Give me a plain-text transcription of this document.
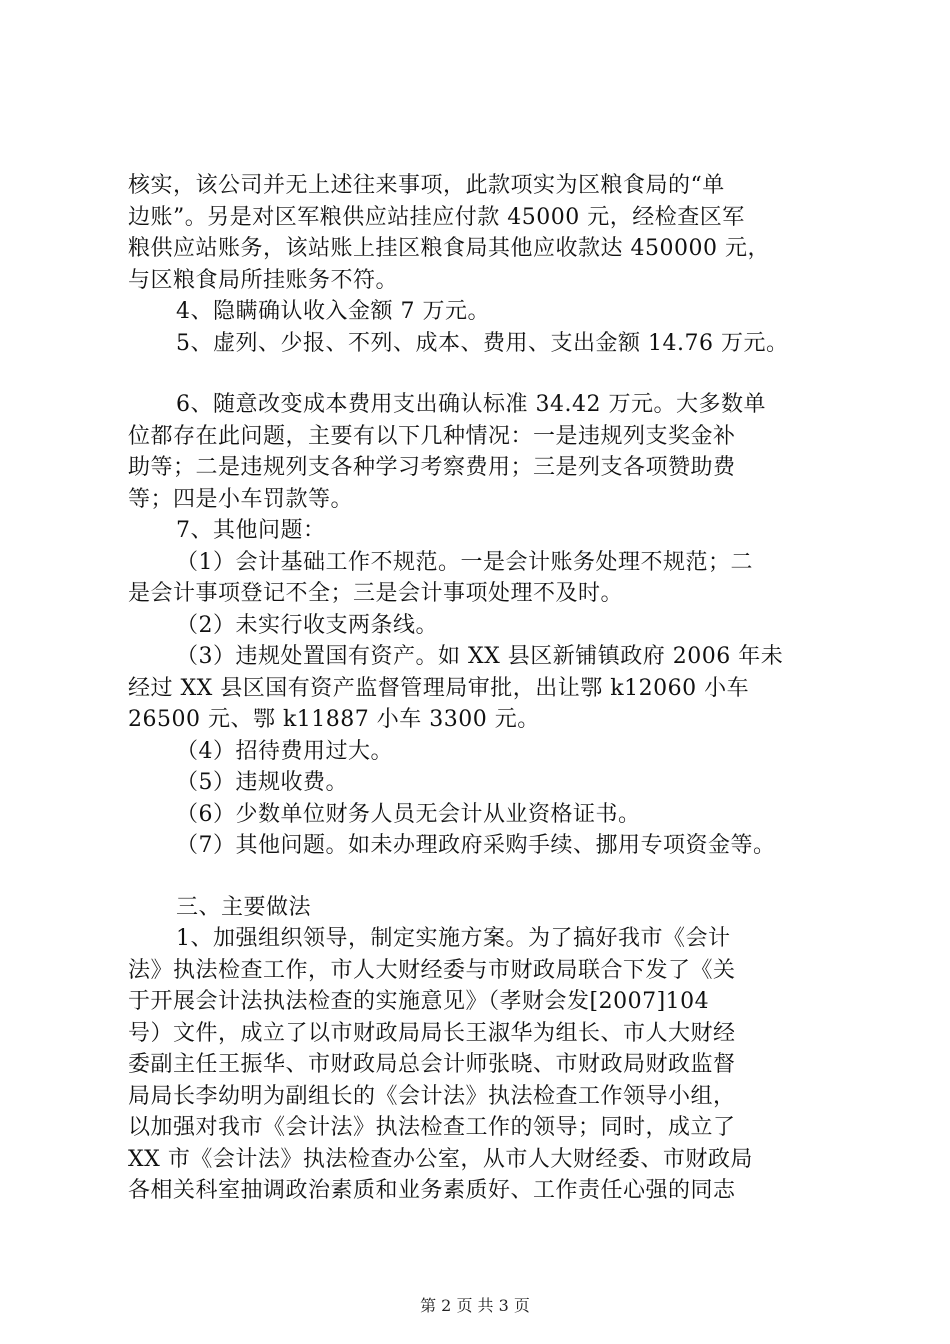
核实，该公司并无上述往来事项，此款项实为区粮食局的“单
边账”。另是对区军粮供应站挂应付款 45000 元，经检查区军
粮供应站账务，该站账上挂区粮食局其他应收款达 450000 元，
与区粮食局所挂账务不符。
4、隐瞒确认收入金额 7 万元。
5、虚列、少报、不列、成本、费用、支出金额 14.76 万元。
6、随意改变成本费用支出确认标准 34.42 万元。大多数单
位都存在此问题，主要有以下几种情况：一是违规列支奖金补
助等；二是违规列支各种学习考察费用；三是列支各项赞助费
等；四是小车罚款等。
7、其他问题：
（1）会计基础工作不规范。一是会计账务处理不规范；二
是会计事项登记不全；三是会计事项处理不及时。
（2）未实行收支两条线。
（3）违规处置国有资产。如 XX 县区新铺镇政府 2006 年未
经过 XX 县区国有资产监督管理局审批，出让鄂 k12060 小车
26500 元、鄂 k11887 小车 3300 元。
（4）招待费用过大。
（5）违规收费。
（6）少数单位财务人员无会计从业资格证书。
（7）其他问题。如未办理政府采购手续、挪用专项资金等。
三、主要做法
1、加强组织领导，制定实施方案。为了搞好我市《会计
法》执法检查工作，市人大财经委与市财政局联合下发了《关
于开展会计法执法检查的实施意见》（孝财会发[2007]104
号）文件，成立了以市财政局局长王淑华为组长、市人大财经
委副主任王振华、市财政局总会计师张晓、市财政局财政监督
局局长李幼明为副组长的《会计法》执法检查工作领导小组，
以加强对我市《会计法》执法检查工作的领导；同时，成立了
XX 市《会计法》执法检查办公室，从市人大财经委、市财政局
各相关科室抽调政治素质和业务素质好、工作责任心强的同志
第 2 页 共 3 页
